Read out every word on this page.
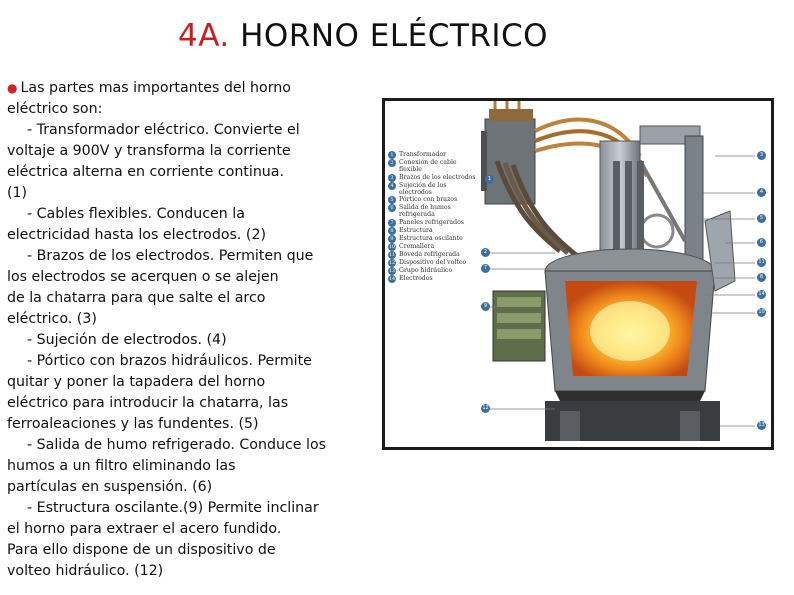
4A. HORNO ELÉCTRICO
● Las partes mas importantes del horno
eléctrico son:
- Transformador eléctrico. Convierte el
voltaje a 900V y transforma la corriente
eléctrica alterna en corriente continua.
(1)
- Cables flexibles. Conducen la
electricidad hasta los electrodos. (2)
- Brazos de los electrodos. Permiten que
los electrodos se acerquen o se alejen
de la chatarra para que salte el arco
eléctrico. (3)
- Sujeción de electrodos. (4)
- Pórtico con brazos hidráulicos. Permite
quitar y poner la tapadera del horno
eléctrico para introducir la chatarra, las
ferroaleaciones y las fundentes. (5)
- Salida de humo refrigerado. Conduce los
humos a un filtro eliminando las
partículas en suspensión. (6)
- Estructura oscilante.(9) Permite inclinar
el horno para extraer el acero fundido.
Para ello dispone de un dispositivo de
volteo hidráulico. (12)
1 Transformador
2 Conexión de cable flexible
3 Brazos de los electrodos
4 Sujeción de los electrodos
5 Pórtico con brazos
6 Salida de humos refrigerada
7 Paneles refrigerados
8 Estructura
9 Estructura oscilante
10 Cremallera
11 Bóveda refrigerada
12 Dispositivo del volteo
13 Grupo hidráulico
14 Electrodos
1
3
4
5
2
6
7
11
8
14
9
10
12
13
